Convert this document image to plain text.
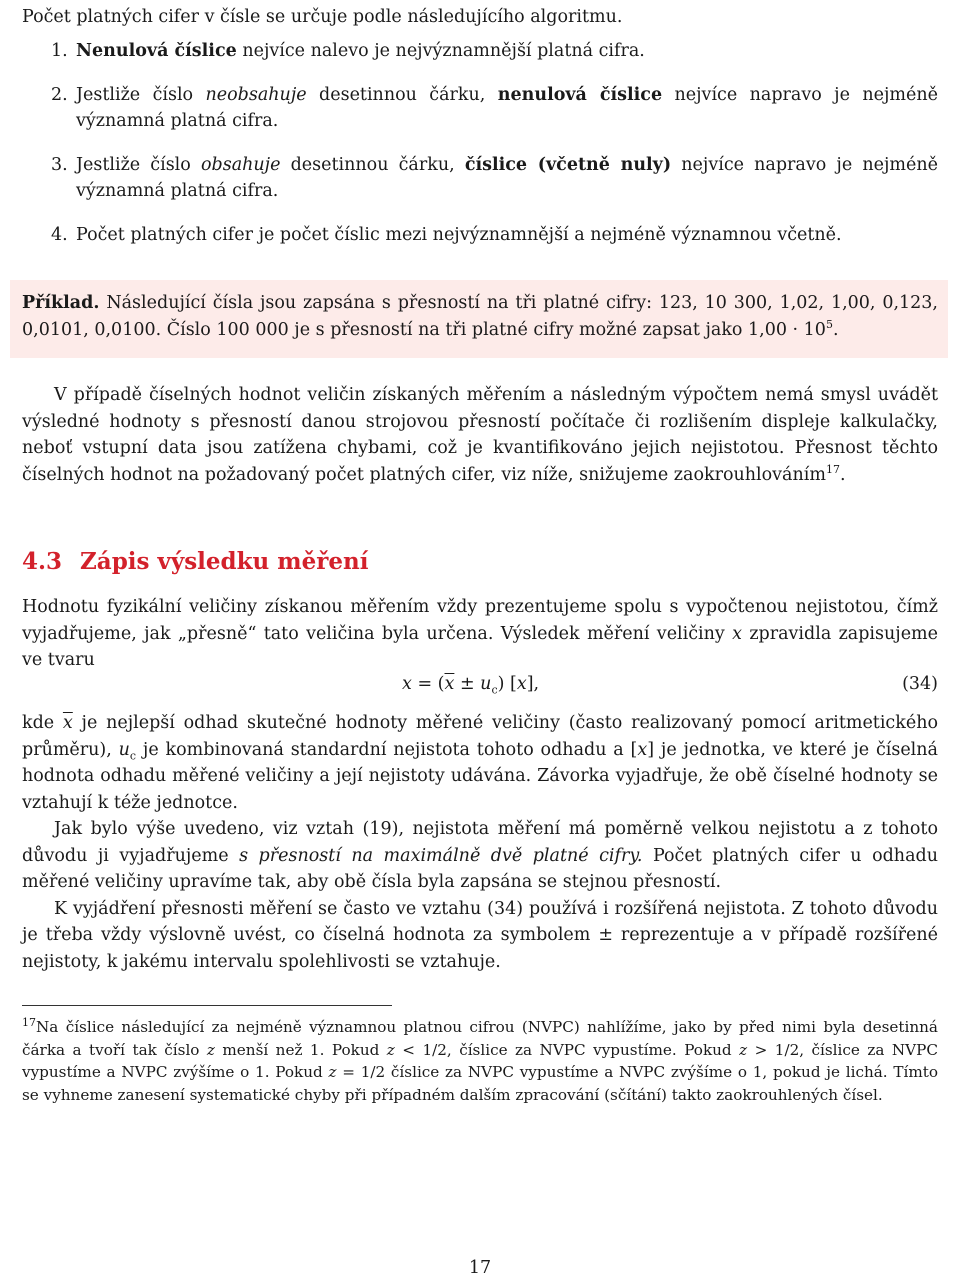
Počet platných cifer v čísle se určuje podle následujícího algoritmu.

1. Nenulová číslice nejvíce nalevo je nejvýznamnější platná cifra.
2. Jestliže číslo neobsahuje desetinnou čárku, nenulová číslice nejvíce napravo je nejméně významná platná cifra.
3. Jestliže číslo obsahuje desetinnou čárku, číslice (včetně nuly) nejvíce napravo je nejméně významná platná cifra.
4. Počet platných cifer je počet číslic mezi nejvýznamnější a nejméně významnou včetně.

Příklad. Následující čísla jsou zapsána s přesností na tři platné cifry: 123, 10 300, 1,02, 1,00, 0,123, 0,0101, 0,0100. Číslo 100 000 je s přesností na tři platné cifry možné zapsat jako $1,00 \cdot 10^5$.

V případě číselných hodnot veličin získaných měřením a následným výpočtem nemá smysl uvádět výsledné hodnoty s přesností danou strojovou přesností počítače či rozlišením displeje kalkulačky, neboť vstupní data jsou zatížena chybami, což je kvantifikováno jejich nejistotou. Přesnost těchto číselných hodnot na požadovaný počet platných cifer, viz níže, snižujeme zaokrouhlováním$^{17}$.

4.3 Zápis výsledku měření

Hodnotu fyzikální veličiny získanou měřením vždy prezentujeme spolu s vypočtenou nejistotou, čímž vyjadřujeme, jak „přesně“ tato veličina byla určena. Výsledek měření veličiny x zpravidla zapisujeme ve tvaru

$x = (\overline{x} \pm u_c)$ [x],	(34)

kde $\overline{x}$ je nejlepší odhad skutečné hodnoty měřené veličiny (často realizovaný pomocí aritmetického průměru), $u_c$ je kombinovaná standardní nejistota tohoto odhadu a [x] je jednotka, ve které je číselná hodnota odhadu měřené veličiny a její nejistoty udávána. Závorka vyjadřuje, že obě číselné hodnoty se vztahují k téže jednotce.

Jak bylo výše uvedeno, viz vztah (19), nejistota měření má poměrně velkou nejistotu a z tohoto důvodu ji vyjadřujeme s přesností na maximálně dvě platné cifry. Počet platných cifer u odhadu měřené veličiny upravíme tak, aby obě čísla byla zapsána se stejnou přesností.

K vyjádření přesnosti měření se často ve vztahu (34) používá i rozšířená nejistota. Z tohoto důvodu je třeba vždy výslovně uvést, co číselná hodnota za symbolem ± reprezentuje a v případě rozšířené nejistoty, k jakému intervalu spolehlivosti se vztahuje.

$^{17}$Na číslice následující za nejméně významnou platnou cifrou (NVPC) nahlížíme, jako by před nimi byla desetinná čárka a tvoří tak číslo z menší než 1. Pokud z < 1/2, číslice za NVPC vypustíme. Pokud z > 1/2, číslice za NVPC vypustíme a NVPC zvýšíme o 1. Pokud z = 1/2 číslice za NVPC vypustíme a NVPC zvýšíme o 1, pokud je lichá. Tímto se vyhneme zanesení systematické chyby při případném dalším zpracování (sčítání) takto zaokrouhlených čísel.

17
